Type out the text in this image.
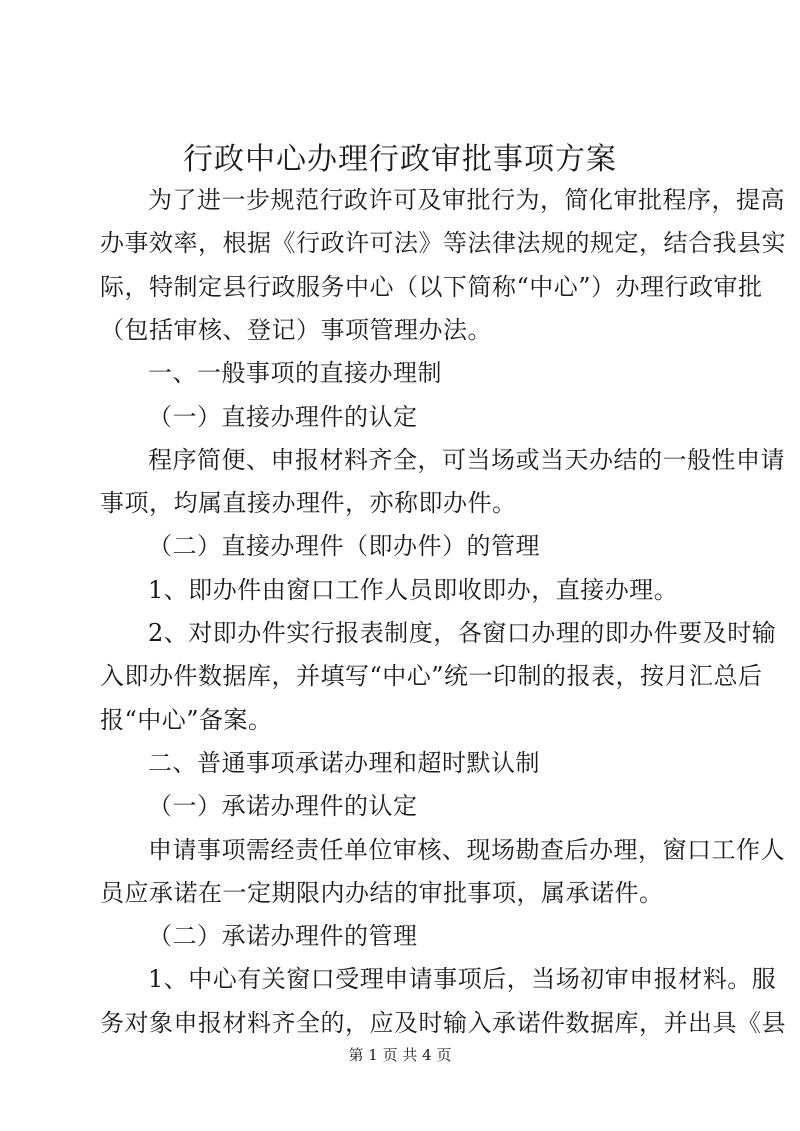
行政中心办理行政审批事项方案
为了进一步规范行政许可及审批行为，简化审批程序，提高
办事效率，根据《行政许可法》等法律法规的规定，结合我县实
际，特制定县行政服务中心（以下简称“中心”）办理行政审批
（包括审核、登记）事项管理办法。
一、一般事项的直接办理制
（一）直接办理件的认定
程序简便、申报材料齐全，可当场或当天办结的一般性申请
事项，均属直接办理件，亦称即办件。
（二）直接办理件（即办件）的管理
1、即办件由窗口工作人员即收即办，直接办理。
2、对即办件实行报表制度，各窗口办理的即办件要及时输
入即办件数据库，并填写“中心”统一印制的报表，按月汇总后
报“中心”备案。
二、普通事项承诺办理和超时默认制
（一）承诺办理件的认定
申请事项需经责任单位审核、现场勘查后办理，窗口工作人
员应承诺在一定期限内办结的审批事项，属承诺件。
（二）承诺办理件的管理
1、中心有关窗口受理申请事项后，当场初审申报材料。服
务对象申报材料齐全的，应及时输入承诺件数据库，并出具《县
第 1 页 共 4 页
